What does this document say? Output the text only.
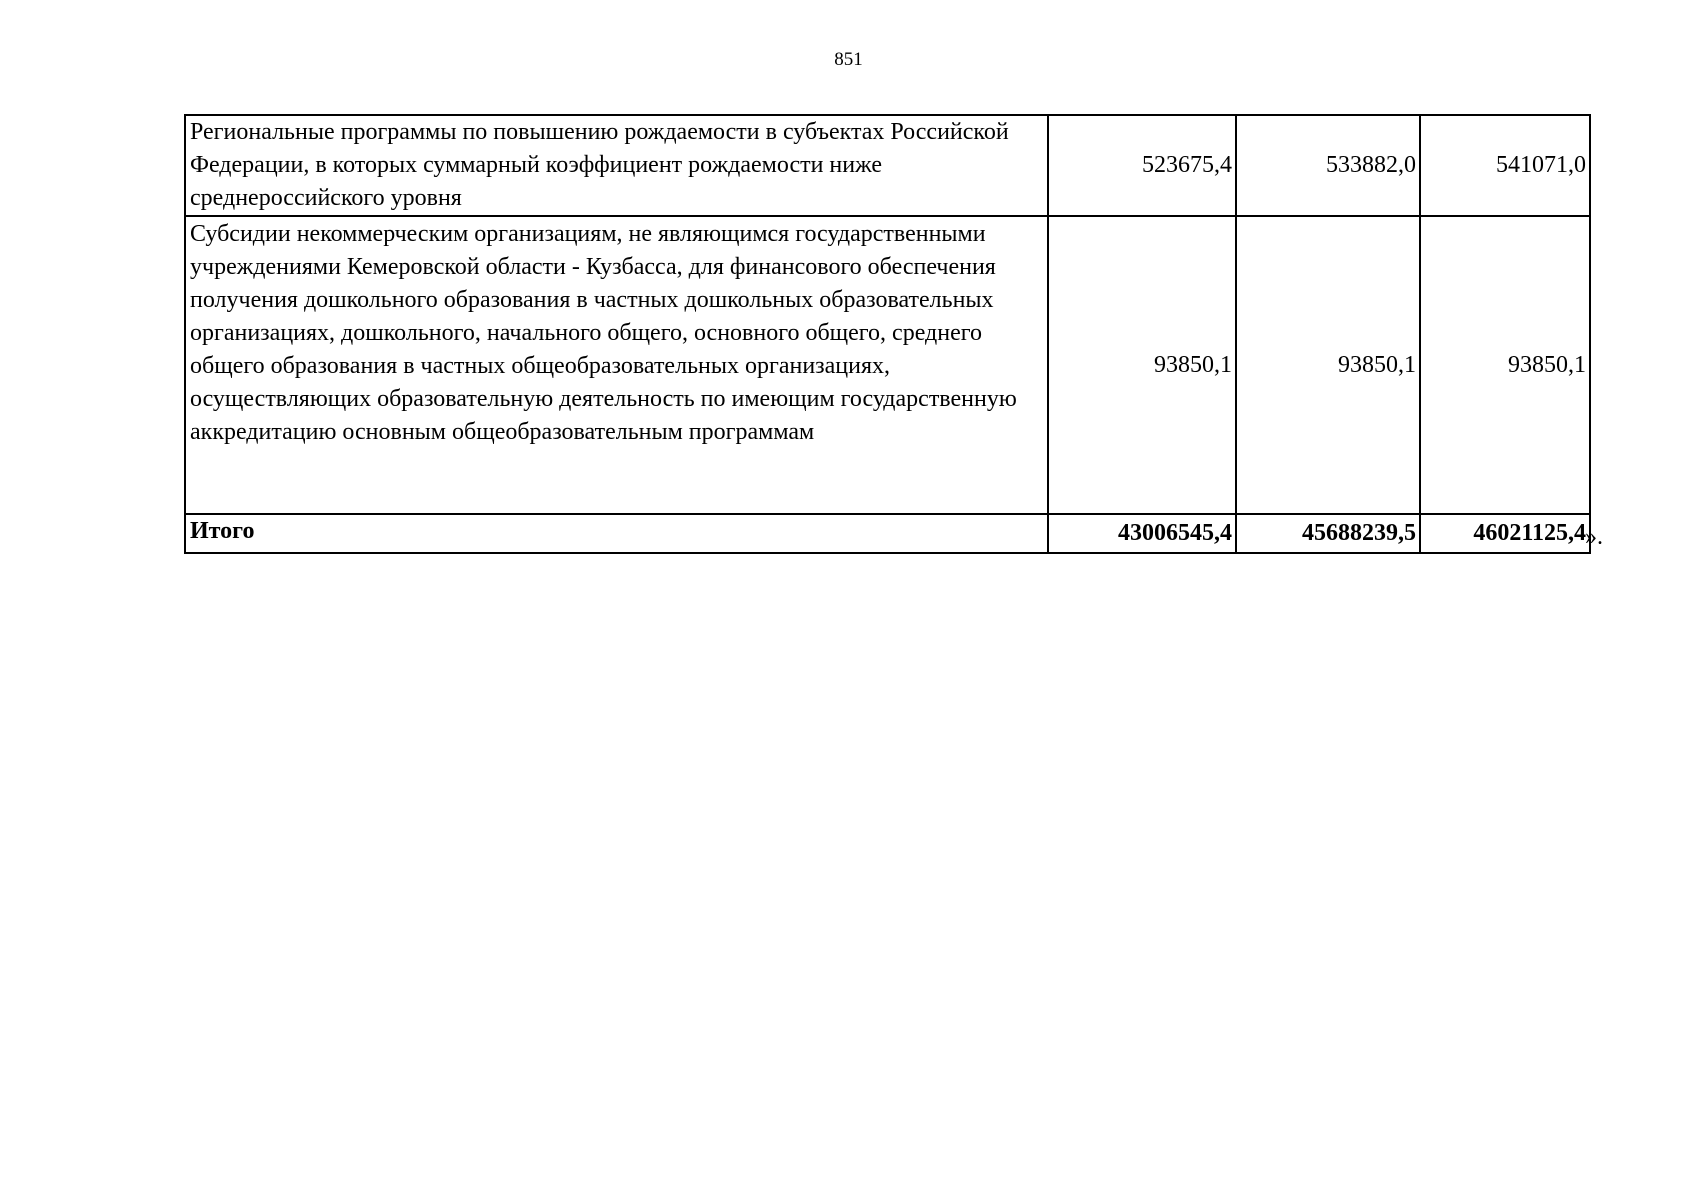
851
Региональные программы по повышению рождаемости в субъектах Российской Федерации, в которых суммарный коэффициент рождаемости ниже среднероссийского уровня	523675,4	533882,0	541071,0
Субсидии некоммерческим организациям, не являющимся государственными учреждениями Кемеровской области - Кузбасса, для финансового обеспечения получения дошкольного образования в частных дошкольных образовательных организациях, дошкольного, начального общего, основного общего, среднего общего образования в частных общеобразовательных организациях, осуществляющих образовательную деятельность по имеющим государственную аккредитацию основным общеобразовательным программам	93850,1	93850,1	93850,1
Итого	43006545,4	45688239,5	46021125,4 ».
